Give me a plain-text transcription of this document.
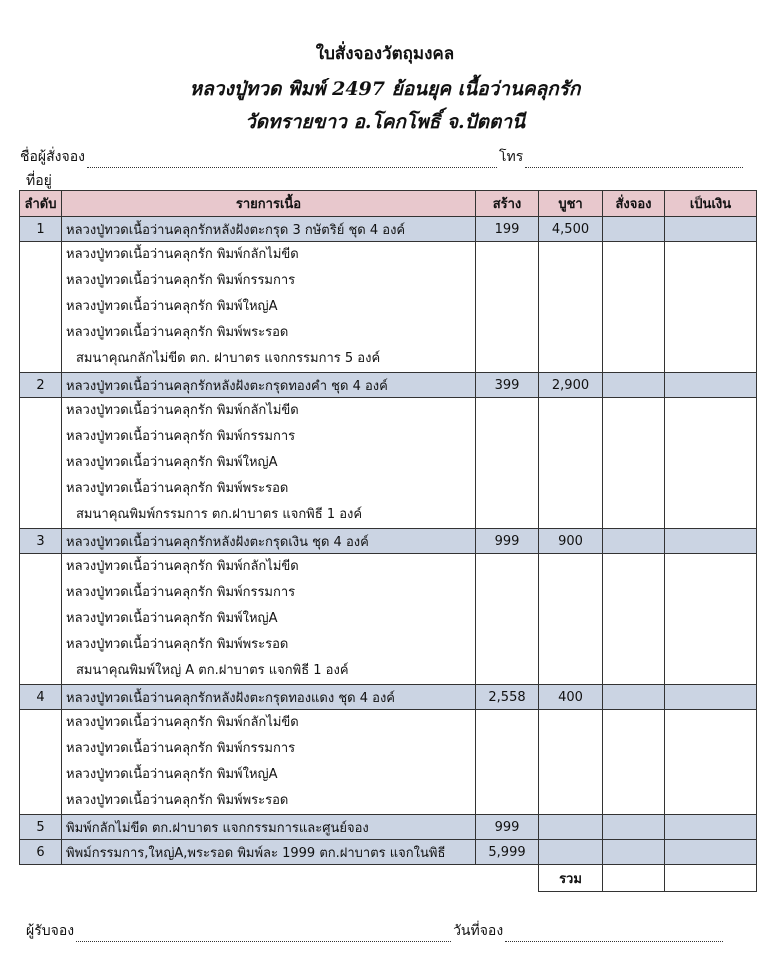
ใบสั่งจองวัตถุมงคล
หลวงปู่ทวด พิมพ์ 2497 ย้อนยุค เนื้อว่านคลุกรัก
วัดทรายขาว อ.โคกโพธิ์ จ.ปัตตานี
ชื่อผู้สั่งจอง	โทร
ที่อยู่
ลำดับ	รายการเนื้อ	สร้าง	บูชา	สั่งจอง	เป็นเงิน
1	หลวงปู่ทวดเนื้อว่านคลุกรักหลังฝังตะกรุด 3 กษัตริย์ ชุด 4 องค์	199	4,500		

	หลวงปู่ทวดเนื้อว่านคลุกรัก พิมพ์กลักไม่ขีด
หลวงปู่ทวดเนื้อว่านคลุกรัก พิมพ์กรรมการ
หลวงปู่ทวดเนื้อว่านคลุกรัก พิมพ์ใหญ่A
หลวงปู่ทวดเนื้อว่านคลุกรัก พิมพ์พระรอด
สมนาคุณกลักไม่ขีด ตก. ฝาบาตร แจกกรรมการ 5 องค์				

2	หลวงปู่ทวดเนื้อว่านคลุกรักหลังฝังตะกรุดทองคำ ชุด 4 องค์	399	2,900		

	หลวงปู่ทวดเนื้อว่านคลุกรัก พิมพ์กลักไม่ขีด
หลวงปู่ทวดเนื้อว่านคลุกรัก พิมพ์กรรมการ
หลวงปู่ทวดเนื้อว่านคลุกรัก พิมพ์ใหญ่A
หลวงปู่ทวดเนื้อว่านคลุกรัก พิมพ์พระรอด
สมนาคุณพิมพ์กรรมการ ตก.ฝาบาตร แจกพิธี 1 องค์				

3	หลวงปู่ทวดเนื้อว่านคลุกรักหลังฝังตะกรุดเงิน ชุด 4 องค์	999	900		

	หลวงปู่ทวดเนื้อว่านคลุกรัก พิมพ์กลักไม่ขีด
หลวงปู่ทวดเนื้อว่านคลุกรัก พิมพ์กรรมการ
หลวงปู่ทวดเนื้อว่านคลุกรัก พิมพ์ใหญ่A
หลวงปู่ทวดเนื้อว่านคลุกรัก พิมพ์พระรอด
สมนาคุณพิมพ์ใหญ่ A ตก.ฝาบาตร แจกพิธี 1 องค์				

4	หลวงปู่ทวดเนื้อว่านคลุกรักหลังฝังตะกรุดทองแดง ชุด 4 องค์	2,558	400		

	หลวงปู่ทวดเนื้อว่านคลุกรัก พิมพ์กลักไม่ขีด
หลวงปู่ทวดเนื้อว่านคลุกรัก พิมพ์กรรมการ
หลวงปู่ทวดเนื้อว่านคลุกรัก พิมพ์ใหญ่A
หลวงปู่ทวดเนื้อว่านคลุกรัก พิมพ์พระรอด				

5	พิมพ์กลักไม่ขีด ตก.ฝาบาตร แจกกรรมการและศูนย์จอง	999			
6	พิพม์กรรมการ,ใหญ่A,พระรอด พิมพ์ละ 1999 ตก.ฝาบาตร แจกในพิธี	5,999			
			รวม		
ผู้รับจอง	วันที่จอง
